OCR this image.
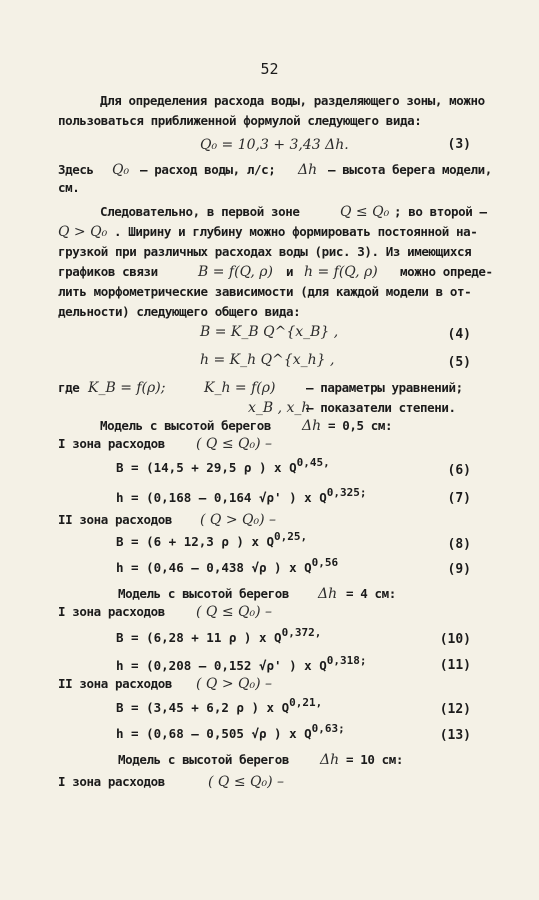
52
Для определения расхода воды, разделяющего зоны, можно
пользоваться приближенной формулой следующего вида:
Q₀ = 10,3 + 3,43 Δh.	(3)
Здесь Q₀ – расход воды, л/с; Δh – высота берега модели,
см.
Следовательно, в первой зоне	Q ≤ Q₀ ; во второй –
Q > Q₀ . Ширину и глубину можно формировать постоянной на-
грузкой при различных расходах воды (рис. 3). Из имеющихся
графиков связи	B = f(Q, ρ) и h = f(Q, ρ) можно опреде-
лить морфометрические зависимости (для каждой модели в от-
дельности) следующего общего вида:
B = K_B Q^{x_B} ,	(4)
h = K_h Q^{x_h} ,	(5)
где K_B = f(ρ);	K_h = f(ρ) – параметры уравнений;
x_B , x_h
– показатели степени.
Модель с высотой берегов Δh = 0,5 см:
I зона расходов ( Q ≤ Q₀) –
B = (14,5 + 29,5 ρ ) x $Q^{0,45,}$
(6)
h = (0,168 – 0,164 √ρ' ) x $Q^{0,325;}$	(7)
II зона расходов ( Q > Q₀) –
B = (6 + 12,3 ρ ) x $Q^{0,25,}$
(8)
h = (0,46 – 0,438 √ρ ) x Q$^{0,56}$	(9)
Модель с высотой берегов Δh = 4 см:
I зона расходов ( Q ≤ Q₀) –
B = (6,28 + 11 ρ ) x $Q^{0,372,}$	(10)
h = (0,208 – 0,152 √ρ' ) x $Q^{0,318;}$	(11)
II зона расходов ( Q > Q₀) –
B = (3,45 + 6,2 ρ ) x $Q^{0,21,}$	(12)
h = (0,68 – 0,505 √ρ ) x $Q^{0,63;}$	(13)
Модель с высотой берегов Δh = 10 см:
I зона расходов	( Q ≤ Q₀) –
